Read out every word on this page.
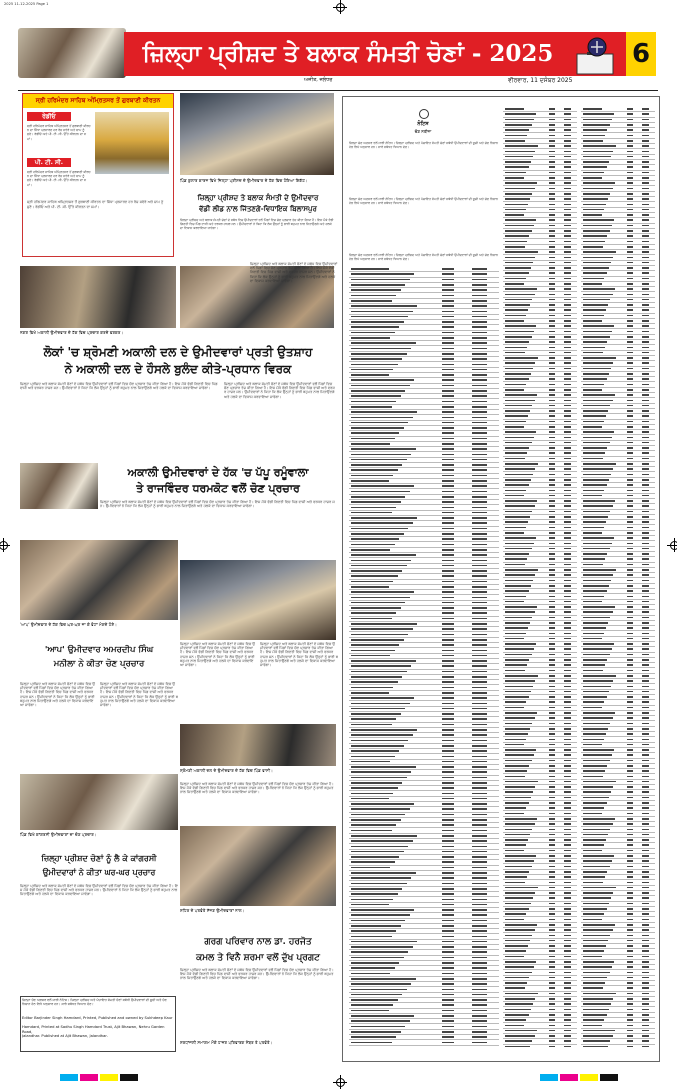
2025 11-12-2025 Page 1
ਜ਼ਿਲ੍ਹਾ ਪ੍ਰੀਸ਼ਦ ਤੇ ਬਲਾਕ ਸੰਮਤੀ ਚੋਣਾਂ - 2025	6
ਅਜੀਤ, ਜਲੰਧਰ	ਵੀਰਵਾਰ, 11 ਦਸੰਬਰ 2025
ਸ੍ਰੀ ਹਰਿਮੰਦਰ ਸਾਹਿਬ ਅੰਮ੍ਰਿਤਸਰ ਤੋਂ ਗੁਰਬਾਣੀ ਕੀਰਤਨ
ਰੇਡੀਓ
ਸ੍ਰੀ ਹਰਿਮੰਦਰ ਸਾਹਿਬ ਅੰਮ੍ਰਿਤਸਰ ਤੋਂ ਗੁਰਬਾਣੀ ਕੀਰਤਨ ਦਾ ਸਿੱਧਾ ਪ੍ਰਸਾਰਣ ਹਰ ਰੋਜ਼ ਸਵੇਰੇ ਅਤੇ ਸ਼ਾਮ ਨੂੰ ਸੁਣੋ। ਰੇਡੀਓ ਅਤੇ ਪੀ. ਟੀ. ਸੀ. ਉੱਤੇ ਕੀਰਤਨ ਦਾ ਸਮਾਂ।
ਪੀ. ਟੀ. ਸੀ.
ਸ੍ਰੀ ਹਰਿਮੰਦਰ ਸਾਹਿਬ ਅੰਮ੍ਰਿਤਸਰ ਤੋਂ ਗੁਰਬਾਣੀ ਕੀਰਤਨ ਦਾ ਸਿੱਧਾ ਪ੍ਰਸਾਰਣ ਹਰ ਰੋਜ਼ ਸਵੇਰੇ ਅਤੇ ਸ਼ਾਮ ਨੂੰ ਸੁਣੋ। ਰੇਡੀਓ ਅਤੇ ਪੀ. ਟੀ. ਸੀ. ਉੱਤੇ ਕੀਰਤਨ ਦਾ ਸਮਾਂ।
ਸ੍ਰੀ ਹਰਿਮੰਦਰ ਸਾਹਿਬ ਅੰਮ੍ਰਿਤਸਰ ਤੋਂ ਗੁਰਬਾਣੀ ਕੀਰਤਨ ਦਾ ਸਿੱਧਾ ਪ੍ਰਸਾਰਣ ਹਰ ਰੋਜ਼ ਸਵੇਰੇ ਅਤੇ ਸ਼ਾਮ ਨੂੰ ਸੁਣੋ। ਰੇਡੀਓ ਅਤੇ ਪੀ. ਟੀ. ਸੀ. ਉੱਤੇ ਕੀਰਤਨ ਦਾ ਸਮਾਂ।
ਪਿੰਡ ਕੁਲਾਰ ਕਾਰਜ ਵਿਖੇ ਜ਼ਿਲ੍ਹਾ ਪ੍ਰੀਸ਼ਦ ਦੇ ਉਮੀਦਵਾਰ ਦੇ ਹੱਕ ਵਿਚ ਹੋਇਆ ਇਕੱਠ।
ਜ਼ਿਲ੍ਹਾ ਪ੍ਰੀਸ਼ਦ ਤੇ ਬਲਾਕ ਸੰਮਤੀ ਦੇ ਉਮੀਦਵਾਰ
ਵੱਡੀ ਲੀਡ ਨਾਲ ਜਿੱਤਣਗੇ-ਵਿਧਾਇਕ ਬਿਲਾਸਪੁਰ
ਜ਼ਿਲ੍ਹਾ ਪ੍ਰੀਸ਼ਦ ਅਤੇ ਬਲਾਕ ਸੰਮਤੀ ਚੋਣਾਂ ਦੇ ਸਬੰਧ ਵਿਚ ਉਮੀਦਵਾਰਾਂ ਵਲੋਂ ਪਿੰਡਾਂ ਵਿਚ ਚੋਣ ਪ੍ਰਚਾਰ ਤੇਜ਼ ਕੀਤਾ ਗਿਆ ਹੈ। ਇਸ ਮੌਕੇ ਵੱਡੀ ਗਿਣਤੀ ਵਿਚ ਪਿੰਡ ਵਾਸੀ ਅਤੇ ਵਰਕਰ ਹਾਜ਼ਰ ਸਨ। ਉਮੀਦਵਾਰਾਂ ਨੇ ਕਿਹਾ ਕਿ ਲੋਕ ਉਨ੍ਹਾਂ ਨੂੰ ਭਾਰੀ ਬਹੁਮਤ ਨਾਲ ਜਿਤਾਉਣਗੇ ਅਤੇ ਹਲਕੇ ਦਾ ਵਿਕਾਸ ਕਰਵਾਇਆ ਜਾਵੇਗਾ।
ਨਗਰ ਵਿਖੇ ਅਕਾਲੀ ਉਮੀਦਵਾਰ ਦੇ ਹੱਕ ਵਿਚ ਪ੍ਰਚਾਰ ਕਰਦੇ ਵਰਕਰ।
ਲੋਕਾਂ 'ਚ ਸ਼੍ਰੋਮਣੀ ਅਕਾਲੀ ਦਲ ਦੇ ਉਮੀਦਵਾਰਾਂ ਪ੍ਰਤੀ ਉਤਸ਼ਾਹ
ਨੇ ਅਕਾਲੀ ਦਲ ਦੇ ਹੌਸਲੇ ਬੁਲੰਦ ਕੀਤੇ-ਪ੍ਰਧਾਨ ਵਿਰਕ
ਜ਼ਿਲ੍ਹਾ ਪ੍ਰੀਸ਼ਦ ਅਤੇ ਬਲਾਕ ਸੰਮਤੀ ਚੋਣਾਂ ਦੇ ਸਬੰਧ ਵਿਚ ਉਮੀਦਵਾਰਾਂ ਵਲੋਂ ਪਿੰਡਾਂ ਵਿਚ ਚੋਣ ਪ੍ਰਚਾਰ ਤੇਜ਼ ਕੀਤਾ ਗਿਆ ਹੈ। ਇਸ ਮੌਕੇ ਵੱਡੀ ਗਿਣਤੀ ਵਿਚ ਪਿੰਡ ਵਾਸੀ ਅਤੇ ਵਰਕਰ ਹਾਜ਼ਰ ਸਨ। ਉਮੀਦਵਾਰਾਂ ਨੇ ਕਿਹਾ ਕਿ ਲੋਕ ਉਨ੍ਹਾਂ ਨੂੰ ਭਾਰੀ ਬਹੁਮਤ ਨਾਲ ਜਿਤਾਉਣਗੇ ਅਤੇ ਹਲਕੇ ਦਾ ਵਿਕਾਸ ਕਰਵਾਇਆ ਜਾਵੇਗਾ।
ਜ਼ਿਲ੍ਹਾ ਪ੍ਰੀਸ਼ਦ ਅਤੇ ਬਲਾਕ ਸੰਮਤੀ ਚੋਣਾਂ ਦੇ ਸਬੰਧ ਵਿਚ ਉਮੀਦਵਾਰਾਂ ਵਲੋਂ ਪਿੰਡਾਂ ਵਿਚ ਚੋਣ ਪ੍ਰਚਾਰ ਤੇਜ਼ ਕੀਤਾ ਗਿਆ ਹੈ। ਇਸ ਮੌਕੇ ਵੱਡੀ ਗਿਣਤੀ ਵਿਚ ਪਿੰਡ ਵਾਸੀ ਅਤੇ ਵਰਕਰ ਹਾਜ਼ਰ ਸਨ। ਉਮੀਦਵਾਰਾਂ ਨੇ ਕਿਹਾ ਕਿ ਲੋਕ ਉਨ੍ਹਾਂ ਨੂੰ ਭਾਰੀ ਬਹੁਮਤ ਨਾਲ ਜਿਤਾਉਣਗੇ ਅਤੇ ਹਲਕੇ ਦਾ ਵਿਕਾਸ ਕਰਵਾਇਆ ਜਾਵੇਗਾ।
ਜ਼ਿਲ੍ਹਾ ਪ੍ਰੀਸ਼ਦ ਅਤੇ ਬਲਾਕ ਸੰਮਤੀ ਚੋਣਾਂ ਦੇ ਸਬੰਧ ਵਿਚ ਉਮੀਦਵਾਰਾਂ ਵਲੋਂ ਪਿੰਡਾਂ ਵਿਚ ਚੋਣ ਪ੍ਰਚਾਰ ਤੇਜ਼ ਕੀਤਾ ਗਿਆ ਹੈ। ਇਸ ਮੌਕੇ ਵੱਡੀ ਗਿਣਤੀ ਵਿਚ ਪਿੰਡ ਵਾਸੀ ਅਤੇ ਵਰਕਰ ਹਾਜ਼ਰ ਸਨ। ਉਮੀਦਵਾਰਾਂ ਨੇ ਕਿਹਾ ਕਿ ਲੋਕ ਉਨ੍ਹਾਂ ਨੂੰ ਭਾਰੀ ਬਹੁਮਤ ਨਾਲ ਜਿਤਾਉਣਗੇ ਅਤੇ ਹਲਕੇ ਦਾ ਵਿਕਾਸ ਕਰਵਾਇਆ ਜਾਵੇਗਾ।
ਅਕਾਲੀ ਉਮੀਦਵਾਰਾਂ ਦੇ ਹੱਕ 'ਚ ਪੱਪੂ ਰਮੂੰਵਾਲਾ
ਤੇ ਰਾਜਵਿੰਦਰ ਧਰਮਕੋਟ ਵਲੋਂ ਚੋਣ ਪ੍ਰਚਾਰ
ਜ਼ਿਲ੍ਹਾ ਪ੍ਰੀਸ਼ਦ ਅਤੇ ਬਲਾਕ ਸੰਮਤੀ ਚੋਣਾਂ ਦੇ ਸਬੰਧ ਵਿਚ ਉਮੀਦਵਾਰਾਂ ਵਲੋਂ ਪਿੰਡਾਂ ਵਿਚ ਚੋਣ ਪ੍ਰਚਾਰ ਤੇਜ਼ ਕੀਤਾ ਗਿਆ ਹੈ। ਇਸ ਮੌਕੇ ਵੱਡੀ ਗਿਣਤੀ ਵਿਚ ਪਿੰਡ ਵਾਸੀ ਅਤੇ ਵਰਕਰ ਹਾਜ਼ਰ ਸਨ। ਉਮੀਦਵਾਰਾਂ ਨੇ ਕਿਹਾ ਕਿ ਲੋਕ ਉਨ੍ਹਾਂ ਨੂੰ ਭਾਰੀ ਬਹੁਮਤ ਨਾਲ ਜਿਤਾਉਣਗੇ ਅਤੇ ਹਲਕੇ ਦਾ ਵਿਕਾਸ ਕਰਵਾਇਆ ਜਾਵੇਗਾ।
'ਆਪ' ਉਮੀਦਵਾਰ ਦੇ ਹੱਕ ਵਿਚ ਘਰ-ਘਰ ਜਾ ਕੇ ਵੋਟਾਂ ਮੰਗਦੇ ਹੋਏ।
'ਆਪ' ਉਮੀਦਵਾਰ ਅਮਰਦੀਪ ਸਿੰਘ
ਮਨੀਲਾ ਨੇ ਕੀਤਾ ਚੋਣ ਪ੍ਰਚਾਰ
ਜ਼ਿਲ੍ਹਾ ਪ੍ਰੀਸ਼ਦ ਅਤੇ ਬਲਾਕ ਸੰਮਤੀ ਚੋਣਾਂ ਦੇ ਸਬੰਧ ਵਿਚ ਉਮੀਦਵਾਰਾਂ ਵਲੋਂ ਪਿੰਡਾਂ ਵਿਚ ਚੋਣ ਪ੍ਰਚਾਰ ਤੇਜ਼ ਕੀਤਾ ਗਿਆ ਹੈ। ਇਸ ਮੌਕੇ ਵੱਡੀ ਗਿਣਤੀ ਵਿਚ ਪਿੰਡ ਵਾਸੀ ਅਤੇ ਵਰਕਰ ਹਾਜ਼ਰ ਸਨ। ਉਮੀਦਵਾਰਾਂ ਨੇ ਕਿਹਾ ਕਿ ਲੋਕ ਉਨ੍ਹਾਂ ਨੂੰ ਭਾਰੀ ਬਹੁਮਤ ਨਾਲ ਜਿਤਾਉਣਗੇ ਅਤੇ ਹਲਕੇ ਦਾ ਵਿਕਾਸ ਕਰਵਾਇਆ ਜਾਵੇਗਾ।
ਜ਼ਿਲ੍ਹਾ ਪ੍ਰੀਸ਼ਦ ਅਤੇ ਬਲਾਕ ਸੰਮਤੀ ਚੋਣਾਂ ਦੇ ਸਬੰਧ ਵਿਚ ਉਮੀਦਵਾਰਾਂ ਵਲੋਂ ਪਿੰਡਾਂ ਵਿਚ ਚੋਣ ਪ੍ਰਚਾਰ ਤੇਜ਼ ਕੀਤਾ ਗਿਆ ਹੈ। ਇਸ ਮੌਕੇ ਵੱਡੀ ਗਿਣਤੀ ਵਿਚ ਪਿੰਡ ਵਾਸੀ ਅਤੇ ਵਰਕਰ ਹਾਜ਼ਰ ਸਨ। ਉਮੀਦਵਾਰਾਂ ਨੇ ਕਿਹਾ ਕਿ ਲੋਕ ਉਨ੍ਹਾਂ ਨੂੰ ਭਾਰੀ ਬਹੁਮਤ ਨਾਲ ਜਿਤਾਉਣਗੇ ਅਤੇ ਹਲਕੇ ਦਾ ਵਿਕਾਸ ਕਰਵਾਇਆ ਜਾਵੇਗਾ।
ਜ਼ਿਲ੍ਹਾ ਪ੍ਰੀਸ਼ਦ ਅਤੇ ਬਲਾਕ ਸੰਮਤੀ ਚੋਣਾਂ ਦੇ ਸਬੰਧ ਵਿਚ ਉਮੀਦਵਾਰਾਂ ਵਲੋਂ ਪਿੰਡਾਂ ਵਿਚ ਚੋਣ ਪ੍ਰਚਾਰ ਤੇਜ਼ ਕੀਤਾ ਗਿਆ ਹੈ। ਇਸ ਮੌਕੇ ਵੱਡੀ ਗਿਣਤੀ ਵਿਚ ਪਿੰਡ ਵਾਸੀ ਅਤੇ ਵਰਕਰ ਹਾਜ਼ਰ ਸਨ। ਉਮੀਦਵਾਰਾਂ ਨੇ ਕਿਹਾ ਕਿ ਲੋਕ ਉਨ੍ਹਾਂ ਨੂੰ ਭਾਰੀ ਬਹੁਮਤ ਨਾਲ ਜਿਤਾਉਣਗੇ ਅਤੇ ਹਲਕੇ ਦਾ ਵਿਕਾਸ ਕਰਵਾਇਆ ਜਾਵੇਗਾ।
ਜ਼ਿਲ੍ਹਾ ਪ੍ਰੀਸ਼ਦ ਅਤੇ ਬਲਾਕ ਸੰਮਤੀ ਚੋਣਾਂ ਦੇ ਸਬੰਧ ਵਿਚ ਉਮੀਦਵਾਰਾਂ ਵਲੋਂ ਪਿੰਡਾਂ ਵਿਚ ਚੋਣ ਪ੍ਰਚਾਰ ਤੇਜ਼ ਕੀਤਾ ਗਿਆ ਹੈ। ਇਸ ਮੌਕੇ ਵੱਡੀ ਗਿਣਤੀ ਵਿਚ ਪਿੰਡ ਵਾਸੀ ਅਤੇ ਵਰਕਰ ਹਾਜ਼ਰ ਸਨ। ਉਮੀਦਵਾਰਾਂ ਨੇ ਕਿਹਾ ਕਿ ਲੋਕ ਉਨ੍ਹਾਂ ਨੂੰ ਭਾਰੀ ਬਹੁਮਤ ਨਾਲ ਜਿਤਾਉਣਗੇ ਅਤੇ ਹਲਕੇ ਦਾ ਵਿਕਾਸ ਕਰਵਾਇਆ ਜਾਵੇਗਾ।
ਸ਼੍ਰੋਮਣੀ ਅਕਾਲੀ ਦਲ ਦੇ ਉਮੀਦਵਾਰ ਦੇ ਹੱਕ ਵਿਚ ਪਿੰਡ ਵਾਸੀ।
ਜ਼ਿਲ੍ਹਾ ਪ੍ਰੀਸ਼ਦ ਅਤੇ ਬਲਾਕ ਸੰਮਤੀ ਚੋਣਾਂ ਦੇ ਸਬੰਧ ਵਿਚ ਉਮੀਦਵਾਰਾਂ ਵਲੋਂ ਪਿੰਡਾਂ ਵਿਚ ਚੋਣ ਪ੍ਰਚਾਰ ਤੇਜ਼ ਕੀਤਾ ਗਿਆ ਹੈ। ਇਸ ਮੌਕੇ ਵੱਡੀ ਗਿਣਤੀ ਵਿਚ ਪਿੰਡ ਵਾਸੀ ਅਤੇ ਵਰਕਰ ਹਾਜ਼ਰ ਸਨ। ਉਮੀਦਵਾਰਾਂ ਨੇ ਕਿਹਾ ਕਿ ਲੋਕ ਉਨ੍ਹਾਂ ਨੂੰ ਭਾਰੀ ਬਹੁਮਤ ਨਾਲ ਜਿਤਾਉਣਗੇ ਅਤੇ ਹਲਕੇ ਦਾ ਵਿਕਾਸ ਕਰਵਾਇਆ ਜਾਵੇਗਾ।
ਪਿੰਡ ਵਿਖੇ ਕਾਂਗਰਸੀ ਉਮੀਦਵਾਰਾਂ ਦਾ ਚੋਣ ਪ੍ਰਚਾਰ।
ਜ਼ਿਲ੍ਹਾ ਪ੍ਰੀਸ਼ਦ ਚੋਣਾਂ ਨੂੰ ਲੈ ਕੇ ਕਾਂਗਰਸੀ
ਉਮੀਦਵਾਰਾਂ ਨੇ ਕੀਤਾ ਘਰ-ਘਰ ਪ੍ਰਚਾਰ
ਜ਼ਿਲ੍ਹਾ ਪ੍ਰੀਸ਼ਦ ਅਤੇ ਬਲਾਕ ਸੰਮਤੀ ਚੋਣਾਂ ਦੇ ਸਬੰਧ ਵਿਚ ਉਮੀਦਵਾਰਾਂ ਵਲੋਂ ਪਿੰਡਾਂ ਵਿਚ ਚੋਣ ਪ੍ਰਚਾਰ ਤੇਜ਼ ਕੀਤਾ ਗਿਆ ਹੈ। ਇਸ ਮੌਕੇ ਵੱਡੀ ਗਿਣਤੀ ਵਿਚ ਪਿੰਡ ਵਾਸੀ ਅਤੇ ਵਰਕਰ ਹਾਜ਼ਰ ਸਨ। ਉਮੀਦਵਾਰਾਂ ਨੇ ਕਿਹਾ ਕਿ ਲੋਕ ਉਨ੍ਹਾਂ ਨੂੰ ਭਾਰੀ ਬਹੁਮਤ ਨਾਲ ਜਿਤਾਉਣਗੇ ਅਤੇ ਹਲਕੇ ਦਾ ਵਿਕਾਸ ਕਰਵਾਇਆ ਜਾਵੇਗਾ।
ਸ਼ਹਿਰ ਦੇ ਪਤਵੰਤੇ ਸੱਜਣ ਉਮੀਦਵਾਰਾਂ ਨਾਲ।
ਗਰਗ ਪਰਿਵਾਰ ਨਾਲ ਡਾ. ਹਰਜੋਤ
ਕਮਲ ਤੇ ਵਿਨੈ ਸ਼ਰਮਾ ਵਲੋਂ ਦੁੱਖ ਪ੍ਰਗਟ
ਜ਼ਿਲ੍ਹਾ ਪ੍ਰੀਸ਼ਦ ਅਤੇ ਬਲਾਕ ਸੰਮਤੀ ਚੋਣਾਂ ਦੇ ਸਬੰਧ ਵਿਚ ਉਮੀਦਵਾਰਾਂ ਵਲੋਂ ਪਿੰਡਾਂ ਵਿਚ ਚੋਣ ਪ੍ਰਚਾਰ ਤੇਜ਼ ਕੀਤਾ ਗਿਆ ਹੈ। ਇਸ ਮੌਕੇ ਵੱਡੀ ਗਿਣਤੀ ਵਿਚ ਪਿੰਡ ਵਾਸੀ ਅਤੇ ਵਰਕਰ ਹਾਜ਼ਰ ਸਨ। ਉਮੀਦਵਾਰਾਂ ਨੇ ਕਿਹਾ ਕਿ ਲੋਕ ਉਨ੍ਹਾਂ ਨੂੰ ਭਾਰੀ ਬਹੁਮਤ ਨਾਲ ਜਿਤਾਉਣਗੇ ਅਤੇ ਹਲਕੇ ਦਾ ਵਿਕਾਸ ਕਰਵਾਇਆ ਜਾਵੇਗਾ।
ਸ਼ਰਧਾਂਜਲੀ ਸਮਾਗਮ ਮੌਕੇ ਹਾਜ਼ਰ ਪਰਿਵਾਰਕ ਮੈਂਬਰ ਤੇ ਪਤਵੰਤੇ।
ਜ਼ਿਲ੍ਹਾ ਚੋਣ ਅਫ਼ਸਰ ਵਲੋਂ ਜਾਰੀ ਨੋਟਿਸ। ਜ਼ਿਲ੍ਹਾ ਪ੍ਰੀਸ਼ਦ ਅਤੇ ਪੰਚਾਇਤ ਸੰਮਤੀ ਚੋਣਾਂ ਸਬੰਧੀ ਉਮੀਦਵਾਰਾਂ ਦੀ ਸੂਚੀ ਅਤੇ ਚੋਣ ਨਿਸ਼ਾਨ ਹੇਠ ਲਿਖੇ ਅਨੁਸਾਰ ਹਨ। ਸਾਰੇ ਸਬੰਧਤ ਧਿਆਨ ਦੇਣ।
Editor Barjinder Singh Hamdard, Printed, Published and owned by Sukhdeep Kaur
Hamdard, Printed at Sadhu Singh Hamdard Trust, Ajit Bhawan, Nehru Garden Road,
Jalandhar. Published at Ajit Bhawan, Jalandhar.
ਨੋਟਿਸ
ਚੋਣ ਨਤੀਜਾ
ਜ਼ਿਲ੍ਹਾ ਚੋਣ ਅਫ਼ਸਰ ਵਲੋਂ ਜਾਰੀ ਨੋਟਿਸ। ਜ਼ਿਲ੍ਹਾ ਪ੍ਰੀਸ਼ਦ ਅਤੇ ਪੰਚਾਇਤ ਸੰਮਤੀ ਚੋਣਾਂ ਸਬੰਧੀ ਉਮੀਦਵਾਰਾਂ ਦੀ ਸੂਚੀ ਅਤੇ ਚੋਣ ਨਿਸ਼ਾਨ ਹੇਠ ਲਿਖੇ ਅਨੁਸਾਰ ਹਨ। ਸਾਰੇ ਸਬੰਧਤ ਧਿਆਨ ਦੇਣ।
ਜ਼ਿਲ੍ਹਾ ਚੋਣ ਅਫ਼ਸਰ ਵਲੋਂ ਜਾਰੀ ਨੋਟਿਸ। ਜ਼ਿਲ੍ਹਾ ਪ੍ਰੀਸ਼ਦ ਅਤੇ ਪੰਚਾਇਤ ਸੰਮਤੀ ਚੋਣਾਂ ਸਬੰਧੀ ਉਮੀਦਵਾਰਾਂ ਦੀ ਸੂਚੀ ਅਤੇ ਚੋਣ ਨਿਸ਼ਾਨ ਹੇਠ ਲਿਖੇ ਅਨੁਸਾਰ ਹਨ। ਸਾਰੇ ਸਬੰਧਤ ਧਿਆਨ ਦੇਣ।
ਜ਼ਿਲ੍ਹਾ ਚੋਣ ਅਫ਼ਸਰ ਵਲੋਂ ਜਾਰੀ ਨੋਟਿਸ। ਜ਼ਿਲ੍ਹਾ ਪ੍ਰੀਸ਼ਦ ਅਤੇ ਪੰਚਾਇਤ ਸੰਮਤੀ ਚੋਣਾਂ ਸਬੰਧੀ ਉਮੀਦਵਾਰਾਂ ਦੀ ਸੂਚੀ ਅਤੇ ਚੋਣ ਨਿਸ਼ਾਨ ਹੇਠ ਲਿਖੇ ਅਨੁਸਾਰ ਹਨ। ਸਾਰੇ ਸਬੰਧਤ ਧਿਆਨ ਦੇਣ।
